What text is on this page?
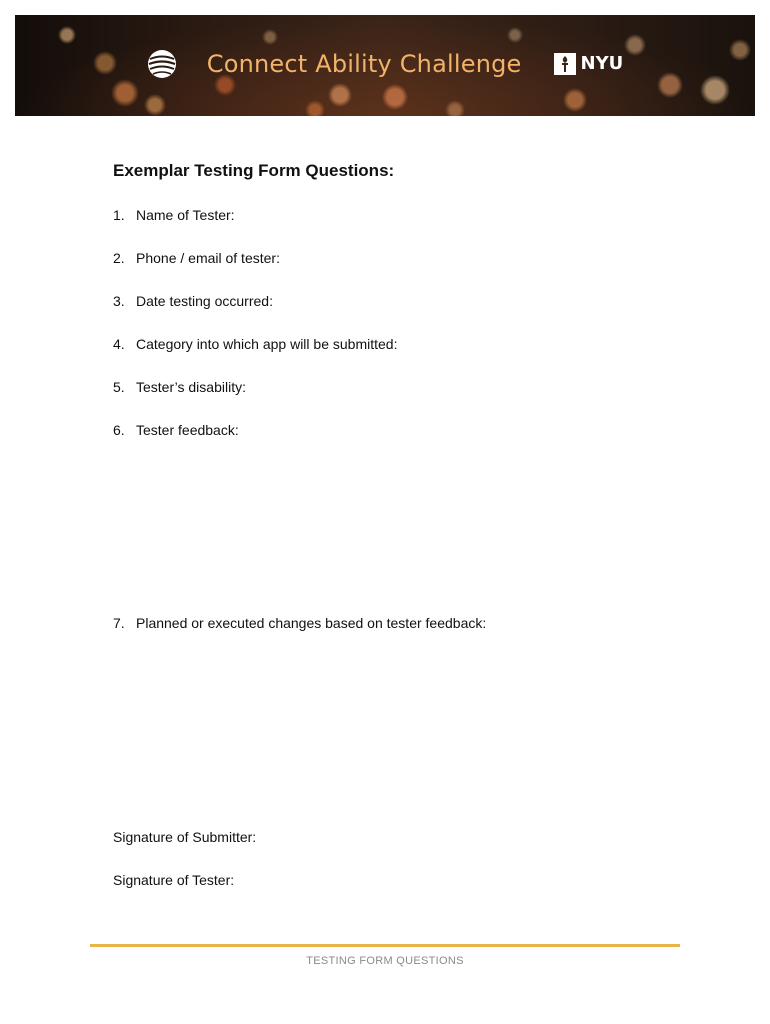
Connect Ability Challenge	NYU
Exemplar Testing Form Questions:
1. Name of Tester:
2. Phone / email of tester:
3. Date testing occurred:
4. Category into which app will be submitted:
5. Tester’s disability:
6. Tester feedback:
7. Planned or executed changes based on tester feedback:
Signature of Submitter:
Signature of Tester:
TESTING FORM QUESTIONS
